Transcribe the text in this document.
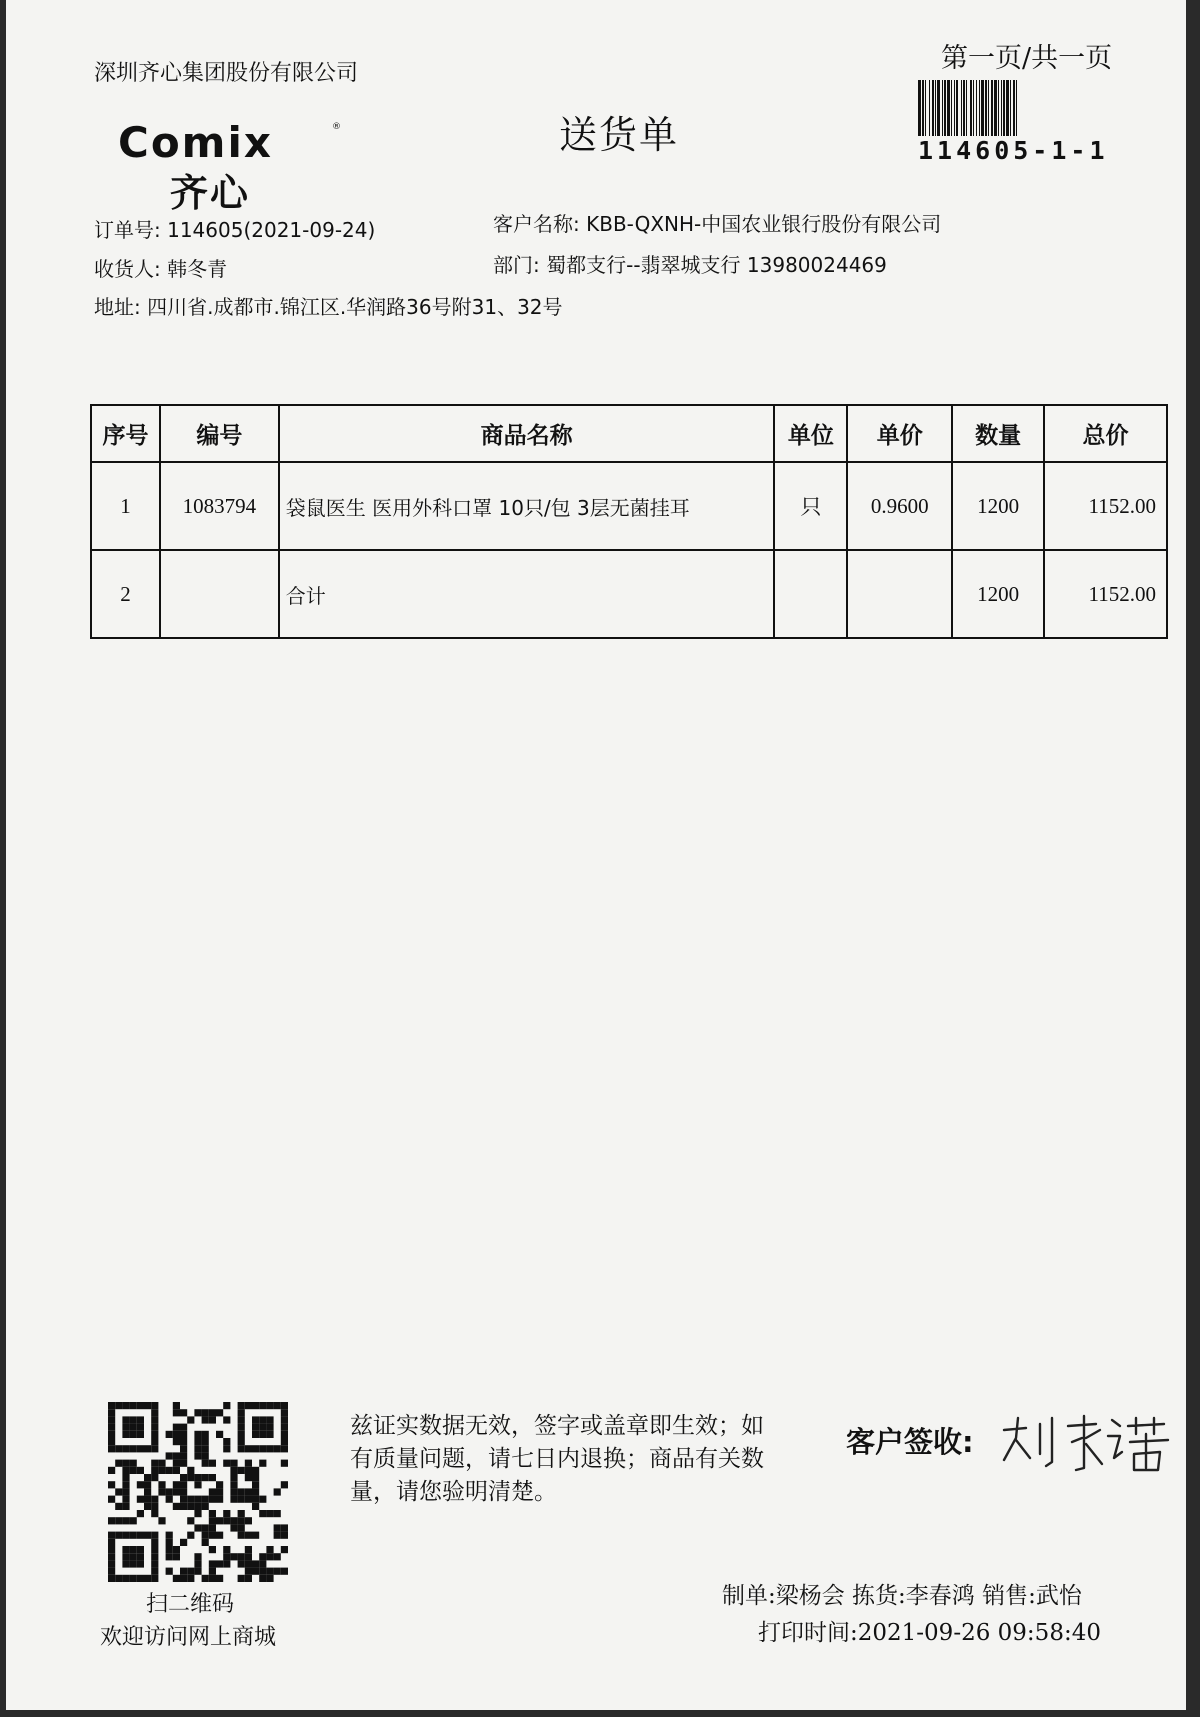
深圳齐心集团股份有限公司
Comix	®
齐心
送货单
第一页/共一页
114605-1-1
订单号: 114605(2021-09-24)
收货人: 韩冬青
地址: 四川省.成都市.锦江区.华润路36号附31、32号
客户名称: KBB-QXNH-中国农业银行股份有限公司
部门: 蜀都支行--翡翠城支行 13980024469
序号	编号	商品名称	单位	单价	数量	总价
1	1083794	袋鼠医生 医用外科口罩 10只/包 3层无菌挂耳	只	0.9600	1200	1152.00
2		合计			1200	1152.00
扫二维码
欢迎访问网上商城
兹证实数据无效，签字或盖章即生效；如有质量问题，请七日内退换；商品有关数量，请您验明清楚。
客户签收:
制单:梁杨会 拣货:李春鸿 销售:武怡
打印时间:2021-09-26 09:58:40
